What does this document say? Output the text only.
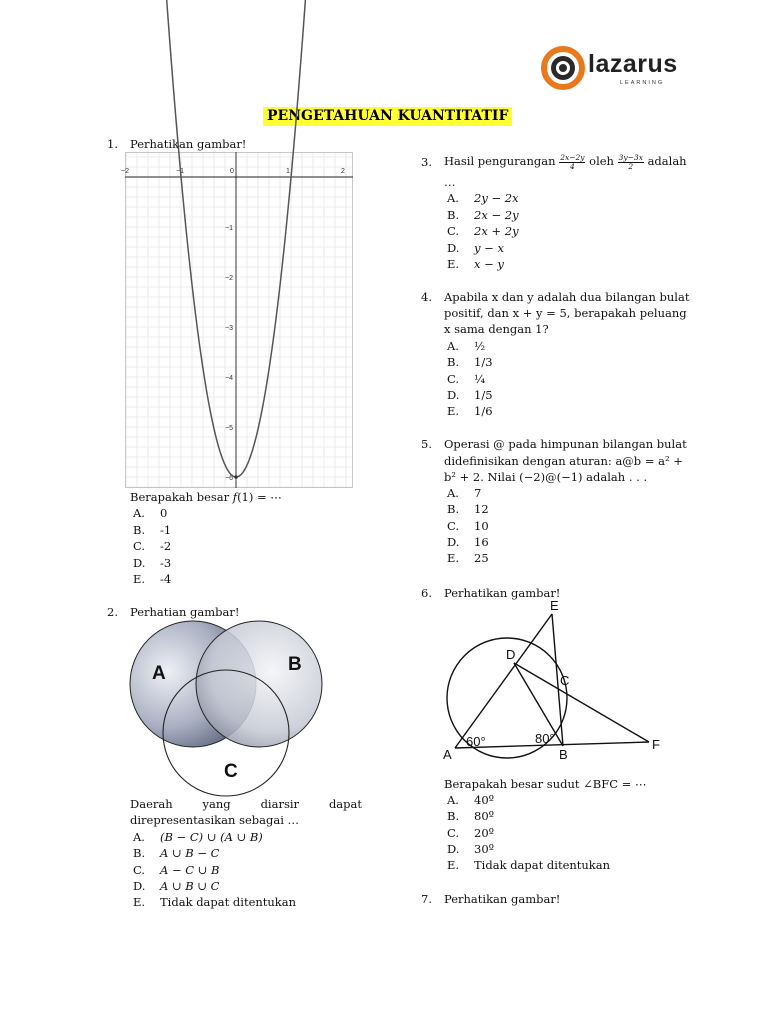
lazarus
LEARNING
PENGETAHUAN KUANTITATIF
1. Perhatikan gambar!
−2	−1	0	1	2
−1
−2
−3
−4
−5
−6
Berapakah besar f(1) = ⋯
A. 0
B. -1
C. -2
D. -3
E. -4
2. Perhatian gambar!
A	B
C
Daerah	yang	diarsir	dapat
direpresentasikan sebagai …
A. (B − C) ∪ (A ∪ B)
B. A ∪ B − C
C. A − C ∪ B
D. A ∪ B ∪ C
E. Tidak dapat ditentukan
3. Hasil pengurangan $\frac{2x-2y}{4}$ oleh $\frac{3y-3x}{2}$ adalah
…
A. 2y − 2x
B. 2x − 2y
C. 2x + 2y
D. y − x
E. x − y
4. Apabila x dan y adalah dua bilangan bulat
positif, dan x + y = 5, berapakah peluang
x sama dengan 1?
A. ½
B. 1/3
C. ¼
D. 1/5
E. 1/6
5. Operasi @ pada himpunan bilangan bulat
didefinisikan dengan aturan: a@b = a² +
b² + 2. Nilai (−2)@(−1) adalah . . .
A. 7
B. 12
C. 10
D. 16
E. 25
6. Perhatikan gambar!
E
D
C
A	B
F
60°	80°
Berapakah besar sudut ∠BFC = ⋯
A. 40º
B. 80º
C. 20º
D. 30º
E. Tidak dapat ditentukan
7. Perhatikan gambar!
